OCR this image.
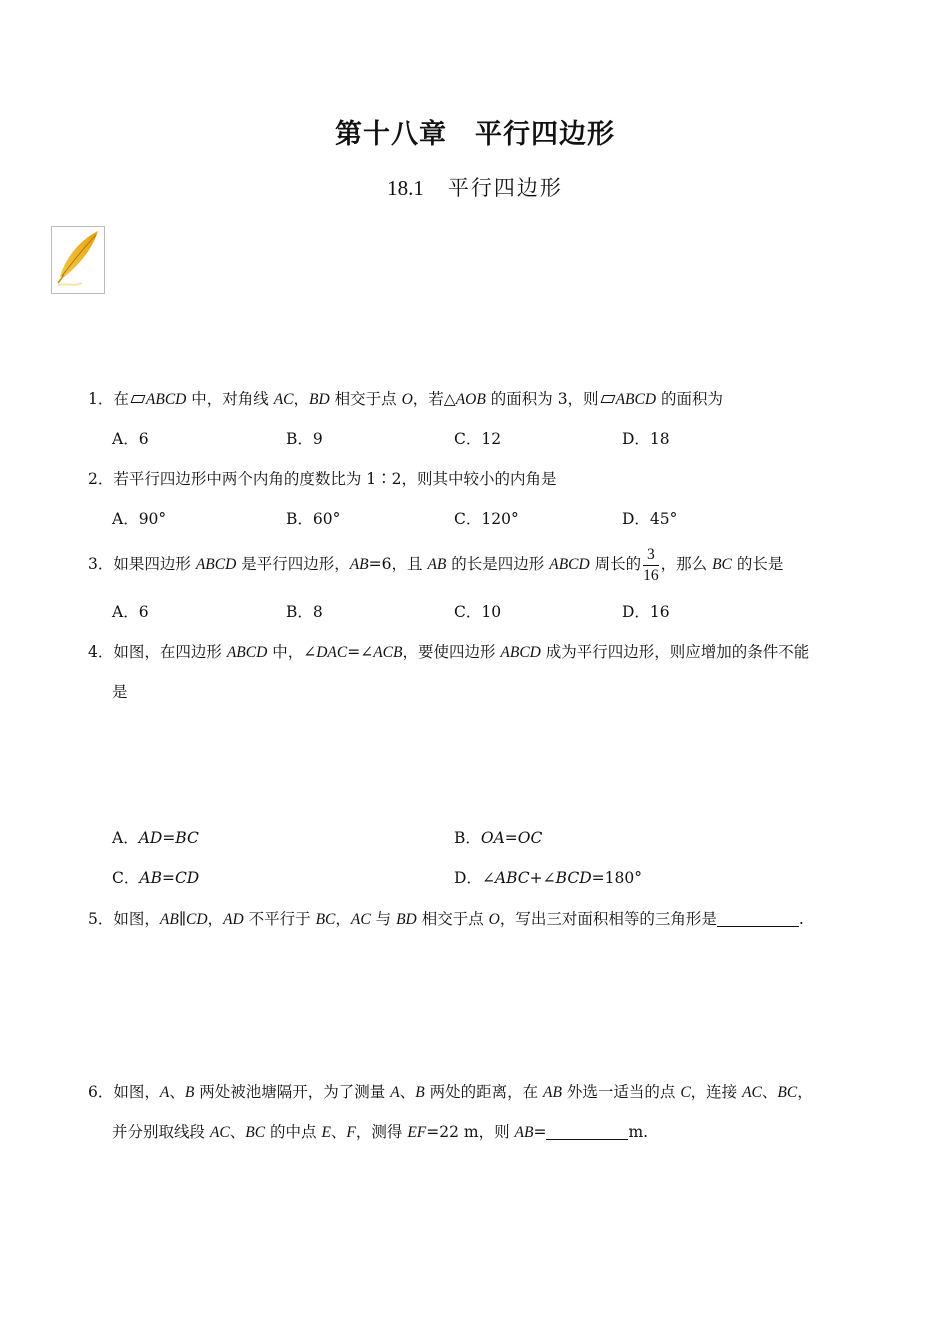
第十八章　平行四边形
18.1 平行四边形
1．在 ABCD 中，对角线 AC，BD 相交于点 O，若△AOB 的面积为 3，则 ABCD 的面积为
A．6	B．9	C．12	D．18
2．若平行四边形中两个内角的度数比为 1∶2，则其中较小的内角是
A．90°	B．60°	C．120°	D．45°
3．如果四边形 ABCD 是平行四边形，AB=6，且 AB 的长是四边形 ABCD 周长的 $\frac{3}{16}$ ，那么 BC 的长是
A．6	B．8	C．10	D．16
4．如图，在四边形 ABCD 中，∠DAC=∠ACB，要使四边形 ABCD 成为平行四边形，则应增加的条件不能
是
A．AD=BC	B．OA=OC
C．AB=CD	D．∠ABC+∠BCD=180°
5．如图，AB∥CD，AD 不平行于 BC，AC 与 BD 相交于点 O，写出三对面积相等的三角形是	.
6．如图，A、B 两处被池塘隔开，为了测量 A、B 两处的距离，在 AB 外选一适当的点 C，连接 AC、BC，
并分别取线段 AC、BC 的中点 E、F，测得 EF=22 m，则 AB=	m.
